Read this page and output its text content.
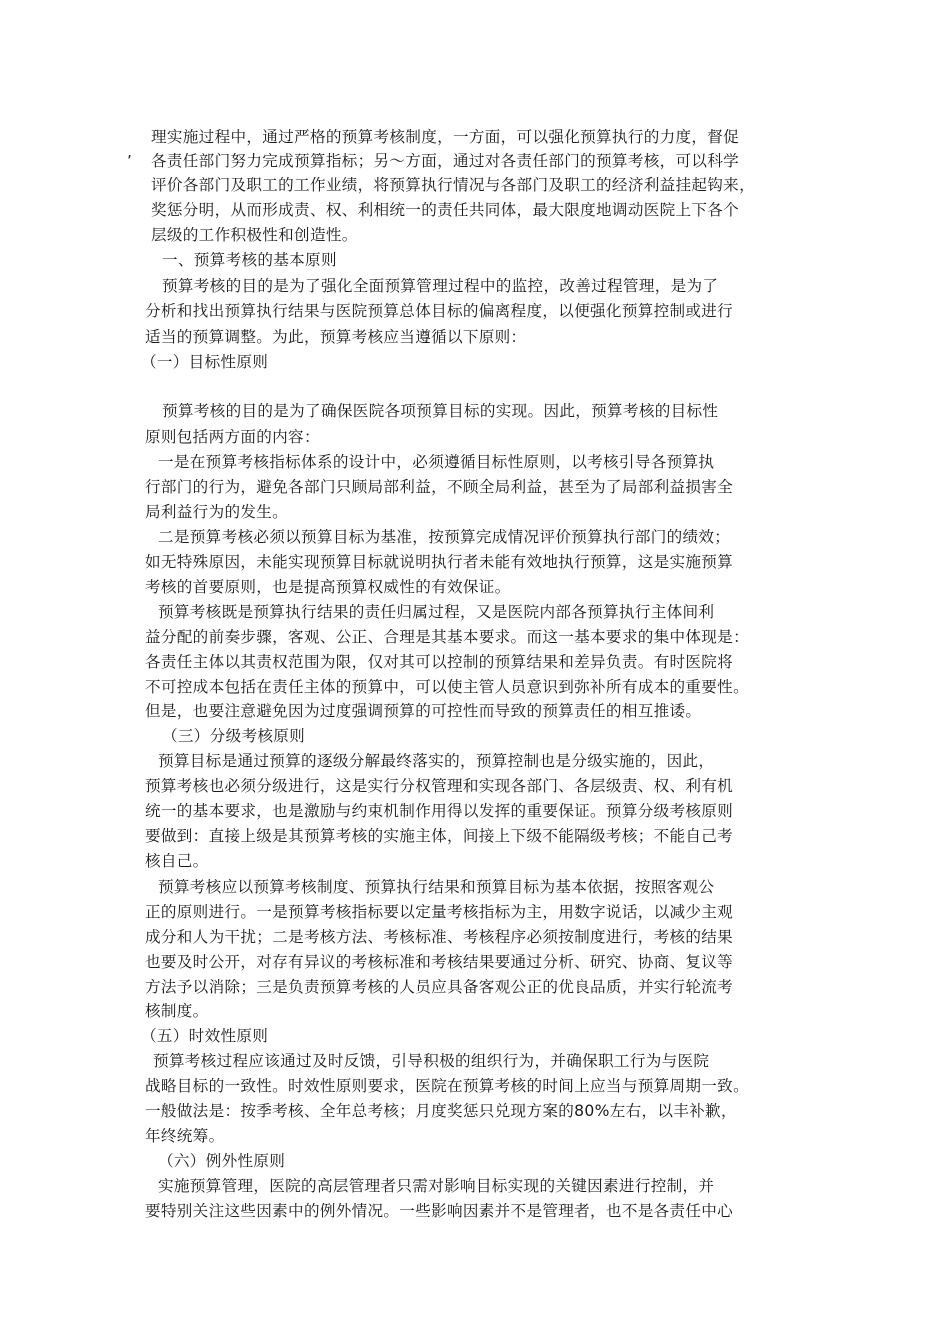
’
理实施过程中，通过严格的预算考核制度，一方面，可以强化预算执行的力度，督促
各责任部门努力完成预算指标；另～方面，通过对各责任部门的预算考核，可以科学
评价各部门及职工的工作业绩，将预算执行情况与各部门及职工的经济利益挂起钩来，
奖惩分明，从而形成责、权、利相统一的责任共同体，最大限度地调动医院上下各个
层级的工作积极性和创造性。
一、预算考核的基本原则
预算考核的目的是为了强化全面预算管理过程中的监控，改善过程管理，是为了
分析和找出预算执行结果与医院预算总体目标的偏离程度，以便强化预算控制或进行
适当的预算调整。为此，预算考核应当遵循以下原则：
（一）目标性原则
预算考核的目的是为了确保医院各项预算目标的实现。因此，预算考核的目标性
原则包括两方面的内容：
一是在预算考核指标体系的设计中，必须遵循目标性原则，以考核引导各预算执
行部门的行为，避免各部门只顾局部利益，不顾全局利益，甚至为了局部利益损害全
局利益行为的发生。
二是预算考核必须以预算目标为基准，按预算完成情况评价预算执行部门的绩效；
如无特殊原因，未能实现预算目标就说明执行者未能有效地执行预算，这是实施预算
考核的首要原则，也是提高预算权威性的有效保证。
预算考核既是预算执行结果的责任归属过程，又是医院内部各预算执行主体间利
益分配的前奏步骤，客观、公正、合理是其基本要求。而这一基本要求的集中体现是：
各责任主体以其责权范围为限，仅对其可以控制的预算结果和差异负责。有时医院将
不可控成本包括在责任主体的预算中，可以使主管人员意识到弥补所有成本的重要性。
但是，也要注意避免因为过度强调预算的可控性而导致的预算责任的相互推诿。
（三）分级考核原则
预算目标是通过预算的逐级分解最终落实的，预算控制也是分级实施的，因此，
预算考核也必须分级进行，这是实行分权管理和实现各部门、各层级责、权、利有机
统一的基本要求，也是激励与约束机制作用得以发挥的重要保证。预算分级考核原则
要做到：直接上级是其预算考核的实施主体，间接上下级不能隔级考核；不能自己考
核自己。
预算考核应以预算考核制度、预算执行结果和预算目标为基本依据，按照客观公
正的原则进行。一是预算考核指标要以定量考核指标为主，用数字说话，以减少主观
成分和人为干扰；二是考核方法、考核标准、考核程序必须按制度进行，考核的结果
也要及时公开，对存有异议的考核标准和考核结果要通过分析、研究、协商、复议等
方法予以消除；三是负责预算考核的人员应具备客观公正的优良品质，并实行轮流考
核制度。
（五）时效性原则
预算考核过程应该通过及时反馈，引导积极的组织行为，并确保职工行为与医院
战略目标的一致性。时效性原则要求，医院在预算考核的时间上应当与预算周期一致。
一般做法是：按季考核、全年总考核；月度奖惩只兑现方案的80%左右，以丰补歉，
年终统筹。
（六）例外性原则
实施预算管理，医院的高层管理者只需对影响目标实现的关键因素进行控制，并
要特别关注这些因素中的例外情况。一些影响因素并不是管理者，也不是各责任中心
